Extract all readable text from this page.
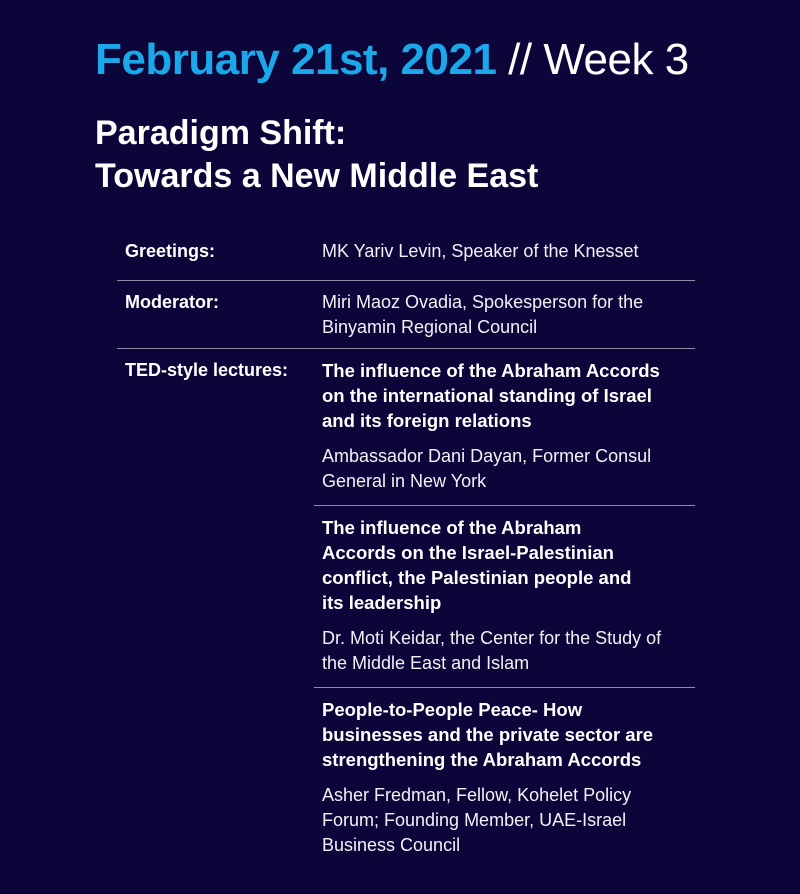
February 21st, 2021 // Week 3
Paradigm Shift:
Towards a New Middle East
Greetings:	MK Yariv Levin, Speaker of the Knesset
Moderator:	Miri Maoz Ovadia, Spokesperson for the Binyamin Regional Council
TED-style lectures:	The influence of the Abraham Accords on the international standing of Israel and its foreign relations
Ambassador Dani Dayan, Former Consul General in New York
The influence of the Abraham Accords on the Israel-Palestinian conflict, the Palestinian people and its leadership
Dr. Moti Keidar, the Center for the Study of the Middle East and Islam
People-to-People Peace- How businesses and the private sector are strengthening the Abraham Accords
Asher Fredman, Fellow, Kohelet Policy Forum; Founding Member, UAE-Israel Business Council
